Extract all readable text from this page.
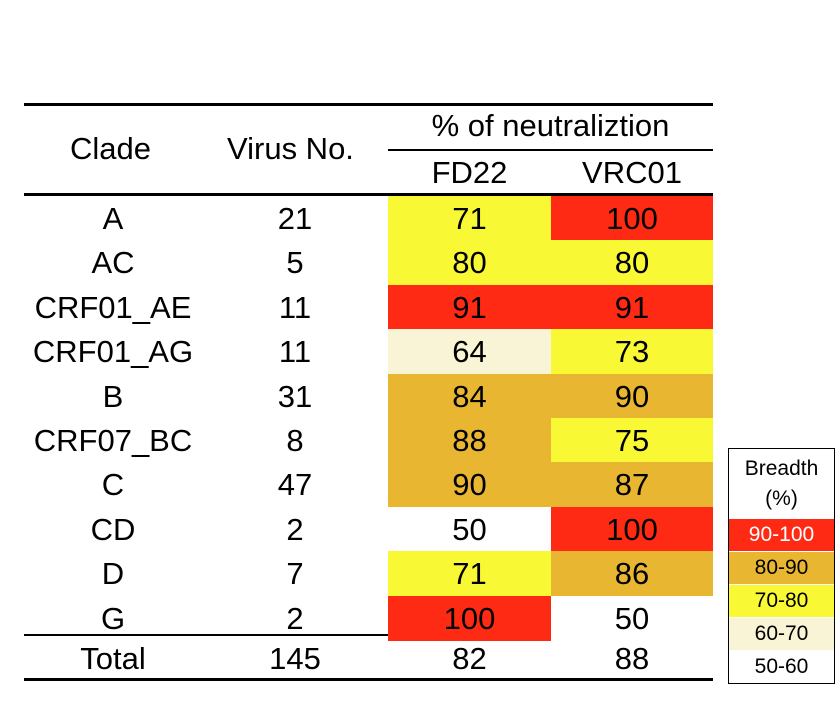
Clade Virus No.
% of neutraliztion
FD22	VRC01
A	21	71	100
AC	5	80	80
CRF01_AE	11	91	91
CRF01_AG	11	64	73
B	31	84	90
CRF07_BC	8	88	75
C	47	90	87
CD	2	50	100
D	7	71	86
G	2	100	50
Total	145	82	88
Breadth
(%)
90-100
80-90
70-80
60-70
50-60
